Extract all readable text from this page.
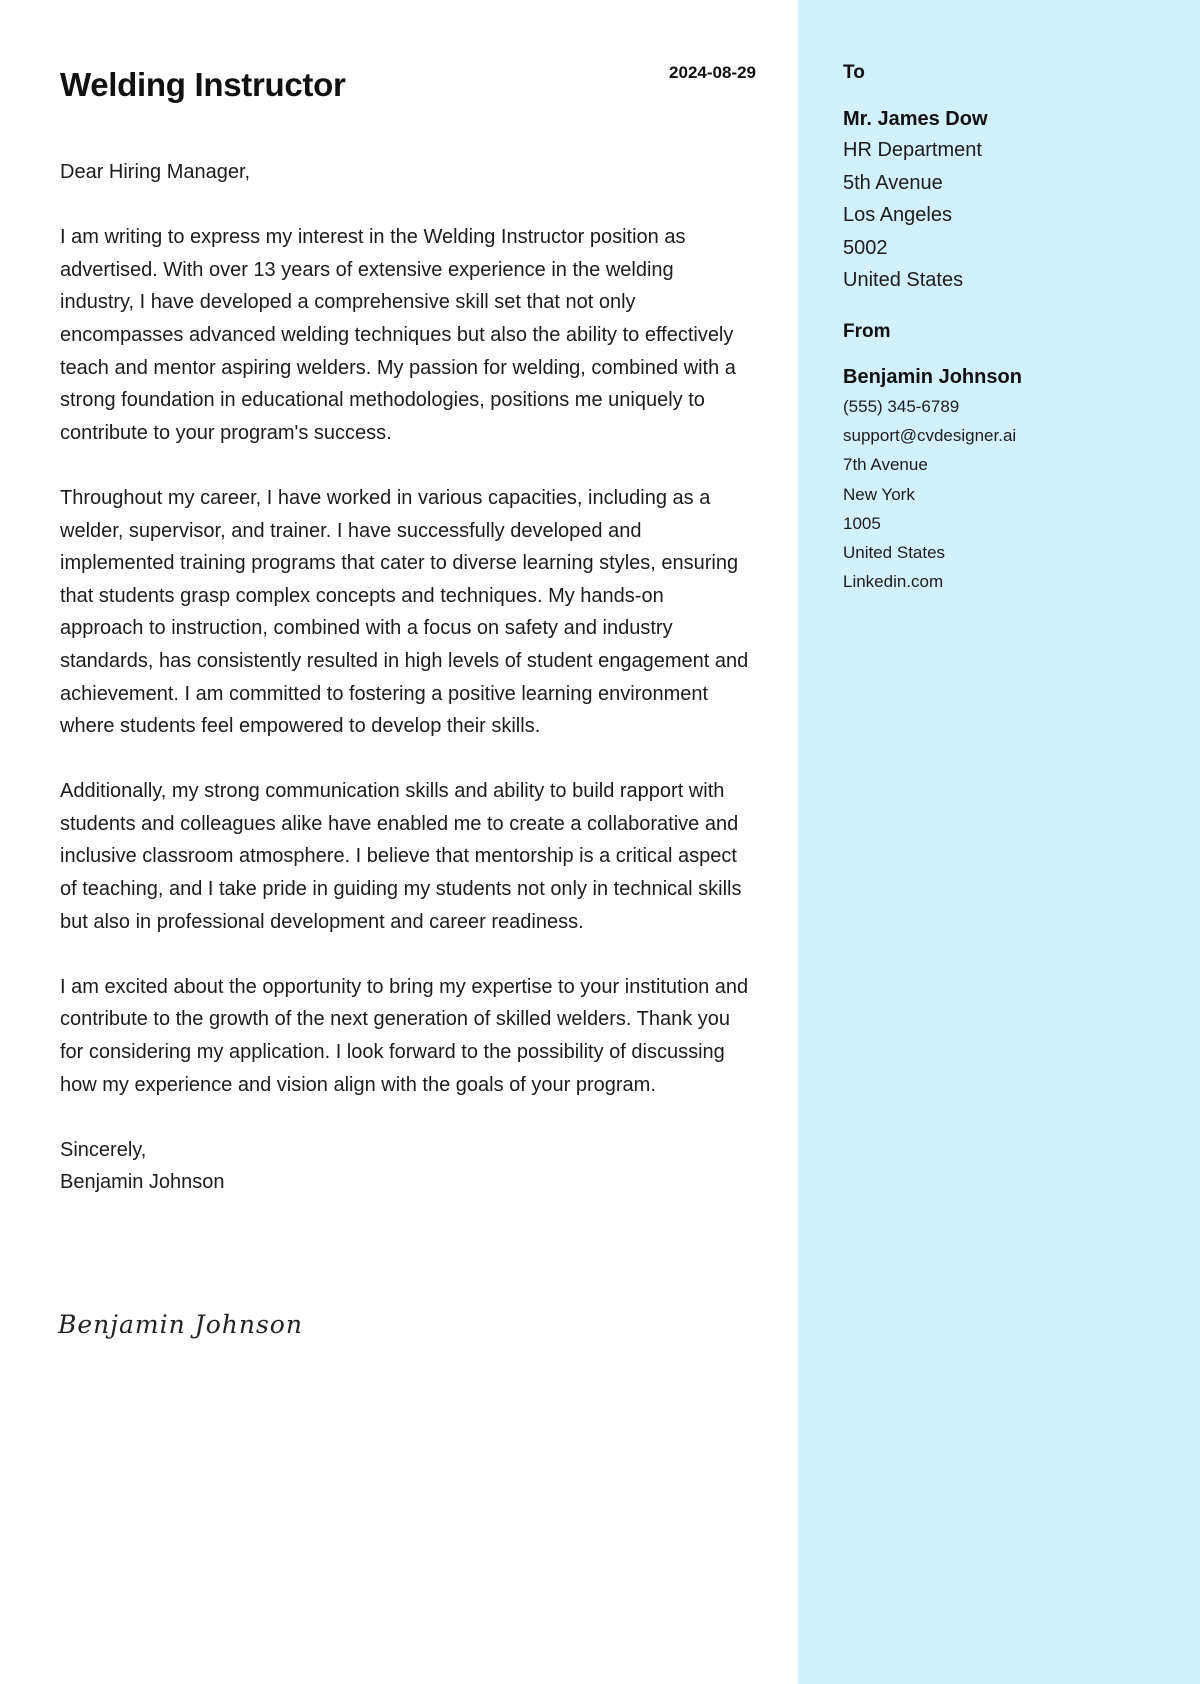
Welding Instructor	2024-08-29

Dear Hiring Manager,

I am writing to express my interest in the Welding Instructor position as advertised. With over 13 years of extensive experience in the welding industry, I have developed a comprehensive skill set that not only encompasses advanced welding techniques but also the ability to effectively teach and mentor aspiring welders. My passion for welding, combined with a strong foundation in educational methodologies, positions me uniquely to contribute to your program's success.

Throughout my career, I have worked in various capacities, including as a welder, supervisor, and trainer. I have successfully developed and implemented training programs that cater to diverse learning styles, ensuring that students grasp complex concepts and techniques. My hands-on approach to instruction, combined with a focus on safety and industry standards, has consistently resulted in high levels of student engagement and achievement. I am committed to fostering a positive learning environment where students feel empowered to develop their skills.

Additionally, my strong communication skills and ability to build rapport with students and colleagues alike have enabled me to create a collaborative and inclusive classroom atmosphere. I believe that mentorship is a critical aspect of teaching, and I take pride in guiding my students not only in technical skills but also in professional development and career readiness.

I am excited about the opportunity to bring my expertise to your institution and contribute to the growth of the next generation of skilled welders. Thank you for considering my application. I look forward to the possibility of discussing how my experience and vision align with the goals of your program.

Sincerely,

Benjamin Johnson

Benjamin Johnson
To
Mr. James Dow
HR Department
5th Avenue
Los Angeles
5002
United States
From
Benjamin Johnson
(555) 345-6789
support@cvdesigner.ai
7th Avenue
New York
1005
United States
Linkedin.com
